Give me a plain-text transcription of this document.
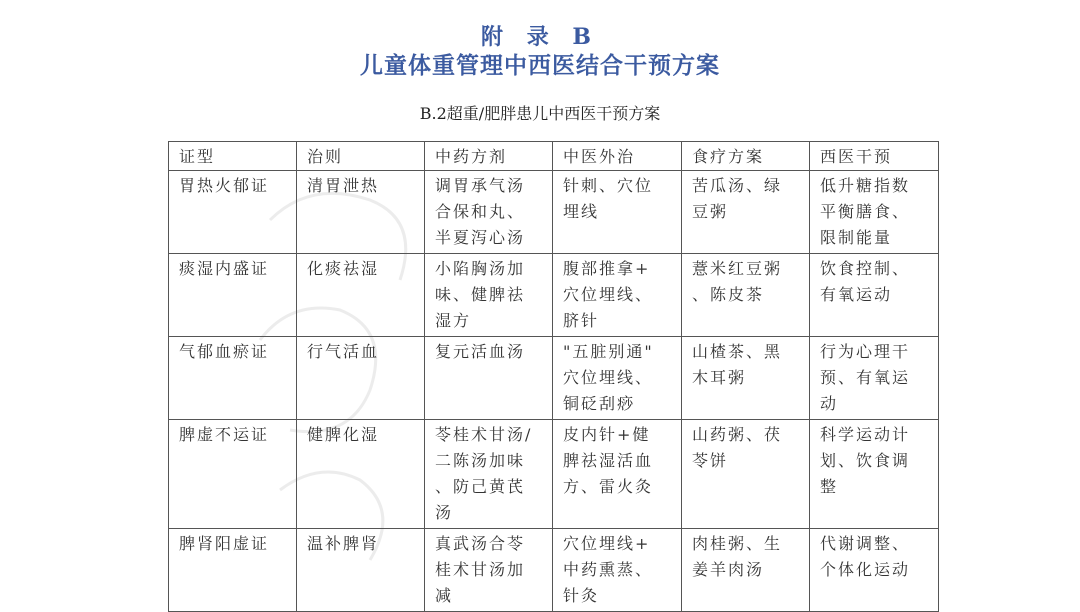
附 录 B
儿童体重管理中西医结合干预方案
B.2超重/肥胖患儿中西医干预方案
证型	治则	中药方剂	中医外治	食疗方案	西医干预

胃热火郁证	清胃泄热	调胃承气汤
合保和丸、
半夏泻心汤	针刺、穴位
埋线	苦瓜汤、绿
豆粥	低升糖指数
平衡膳食、
限制能量

痰湿内盛证	化痰祛湿	小陷胸汤加
味、健脾祛
湿方	腹部推拿+
穴位埋线、
脐针	薏米红豆粥
、陈皮茶	饮食控制、
有氧运动

气郁血瘀证	行气活血	复元活血汤	"五脏别通"
穴位埋线、
铜砭刮痧	山楂茶、黑
木耳粥	行为心理干
预、有氧运
动

脾虚不运证	健脾化湿	苓桂术甘汤/
二陈汤加味
、防己黄芪
汤	皮内针+健
脾祛湿活血
方、雷火灸	山药粥、茯
苓饼	科学运动计
划、饮食调
整

脾肾阳虚证	温补脾肾	真武汤合苓
桂术甘汤加
减	穴位埋线+
中药熏蒸、
针灸	肉桂粥、生
姜羊肉汤	代谢调整、
个体化运动
